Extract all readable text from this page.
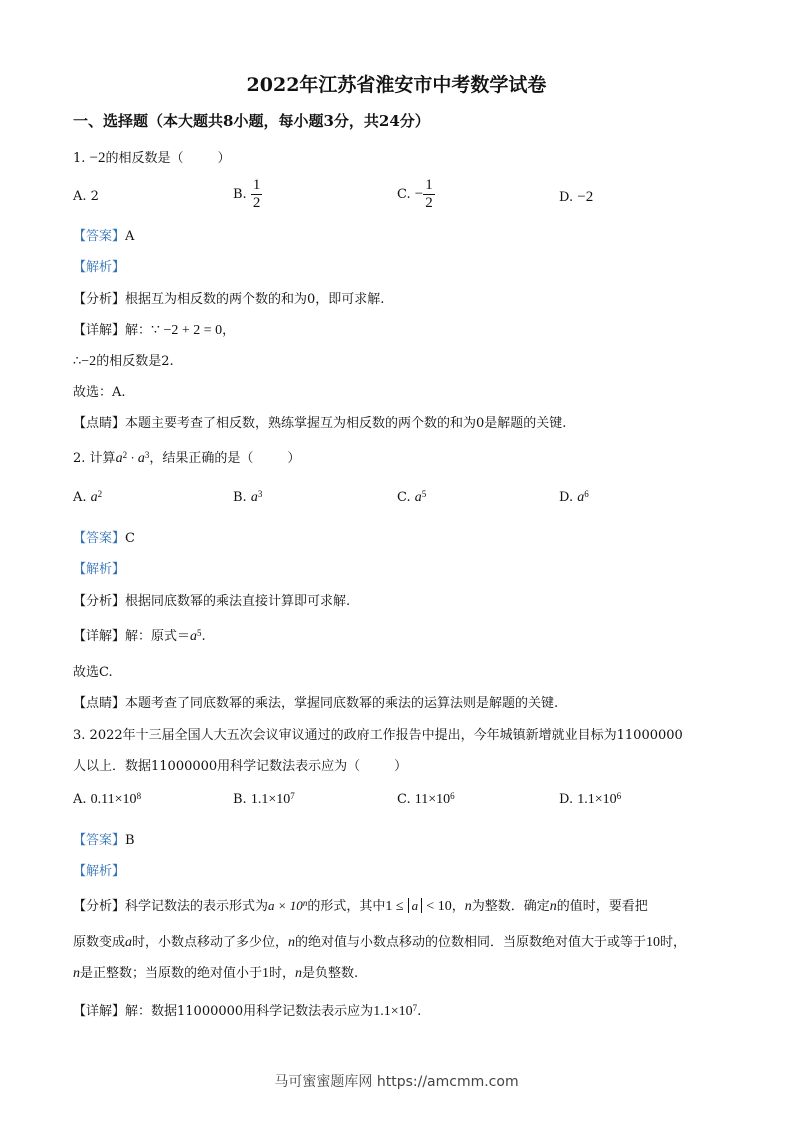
2022年江苏省淮安市中考数学试卷
一、选择题（本大题共8小题，每小题3分，共24分）
1. −2的相反数是（	）
A. 2	B. $\frac{1}{2}$	C. − $\frac{1}{2}$	D. −2
【答案】A
【解析】
【分析】根据互为相反数的两个数的和为0，即可求解.
【详解】解：∵ −2 + 2 = 0，
∴−2的相反数是2.
故选：A.
【点睛】本题主要考查了相反数，熟练掌握互为相反数的两个数的和为0是解题的关键.
2. 计算$a^2 \cdot a^3$，结果正确的是（	）
A. $a^2$	B. $a^3$	C. $a^5$	D. $a^6$
【答案】C
【解析】
【分析】根据同底数幂的乘法直接计算即可求解.
【详解】解：原式$=a^5$.
故选C.
【点睛】本题考查了同底数幂的乘法，掌握同底数幂的乘法的运算法则是解题的关键.
3. 2022年十三届全国人大五次会议审议通过的政府工作报告中提出，今年城镇新增就业目标为11000000
人以上．数据11000000用科学记数法表示应为（	）
A. $0.11\times 10^8$	B. $1.1\times 10^7$	C. $11\times 10^6$	D. $1.1\times 10^6$
【答案】B
【解析】
【分析】科学记数法的表示形式为$a \times 10^n$的形式，其中1 ≤ a < 10，n为整数．确定n的值时，要看把
原数变成a时，小数点移动了多少位，n的绝对值与小数点移动的位数相同．当原数绝对值大于或等于10时，
n是正整数；当原数的绝对值小于1时，n是负整数.
【详解】解：数据11000000用科学记数法表示应为$1.1\times 10^7$.
马可蜜蜜题库网 https://amcmm.com
